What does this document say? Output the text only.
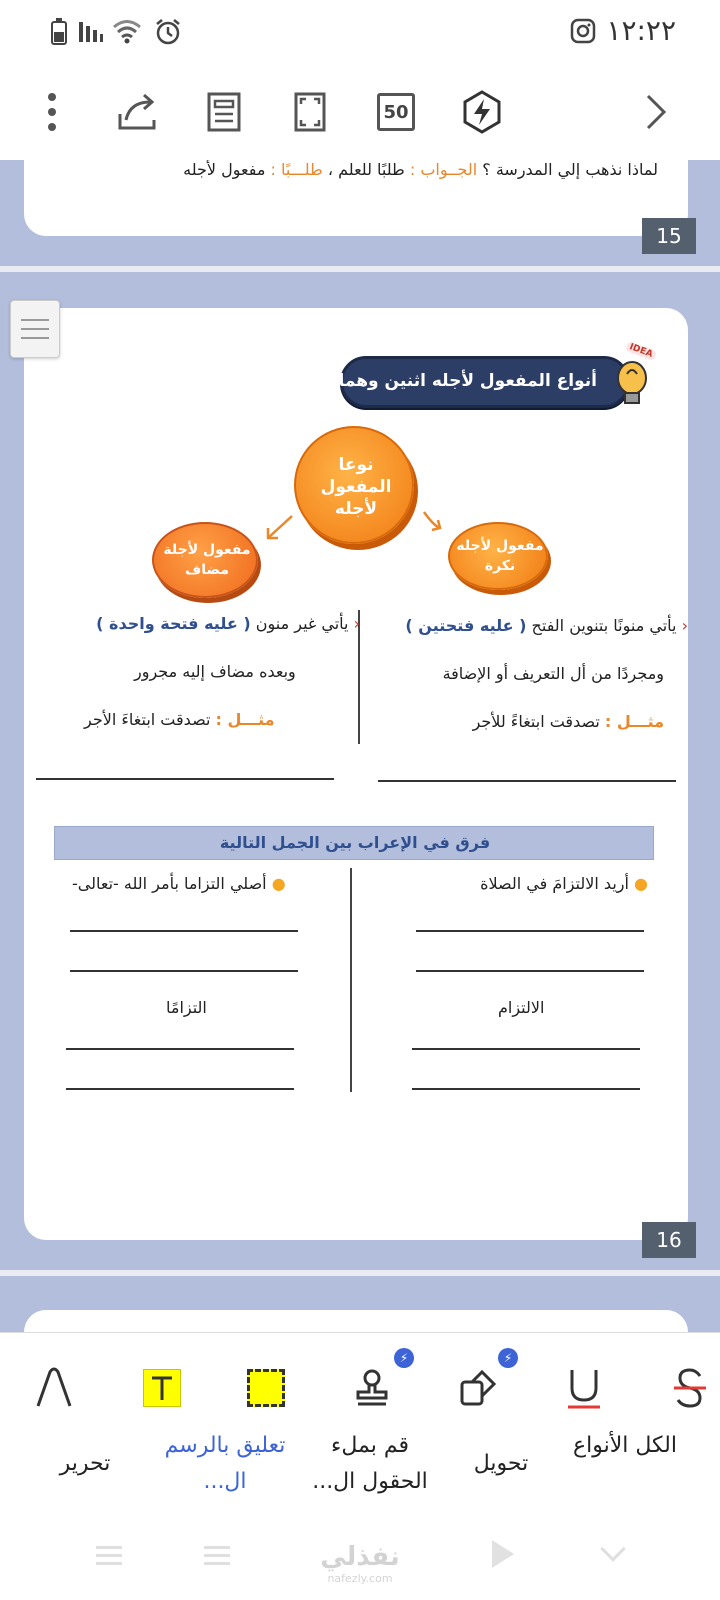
١٢:٢٢
50
لماذا نذهب إلي المدرسة ؟ الجــواب : طلبًا للعلم ، طلـــبًا : مفعول لأجله
15
أنواع المفعول لأجله اثنين وهما
IDEA
نوعا المفعول لأجله
مفعول لأجلة مضاف
مفعول لأجله نكرة
‹ يأتي منونًا بتنوين الفتح ( عليه فتحتين )
ومجردًا من أل التعريف أو الإضافة
مثـــل : تصدقت ابتغاءً للأجر
‹ يأتي غير منون ( عليه فتحة واحدة )
وبعده مضاف إليه مجرور
مثـــل : تصدقت ابتغاءَ الأجر
فرق في الإعراب بين الجمل التالية
● أريد الالتزامَ في الصلاة
الالتزام
● أصلي التزاما بأمر الله -تعالى-
التزامًا
16
⚡	⚡
تحرير
تعليق بالرسم ال...
قم بملء الحقول ال...
تحويل
الكل الأنواع
نفذلي
nafezly.com
